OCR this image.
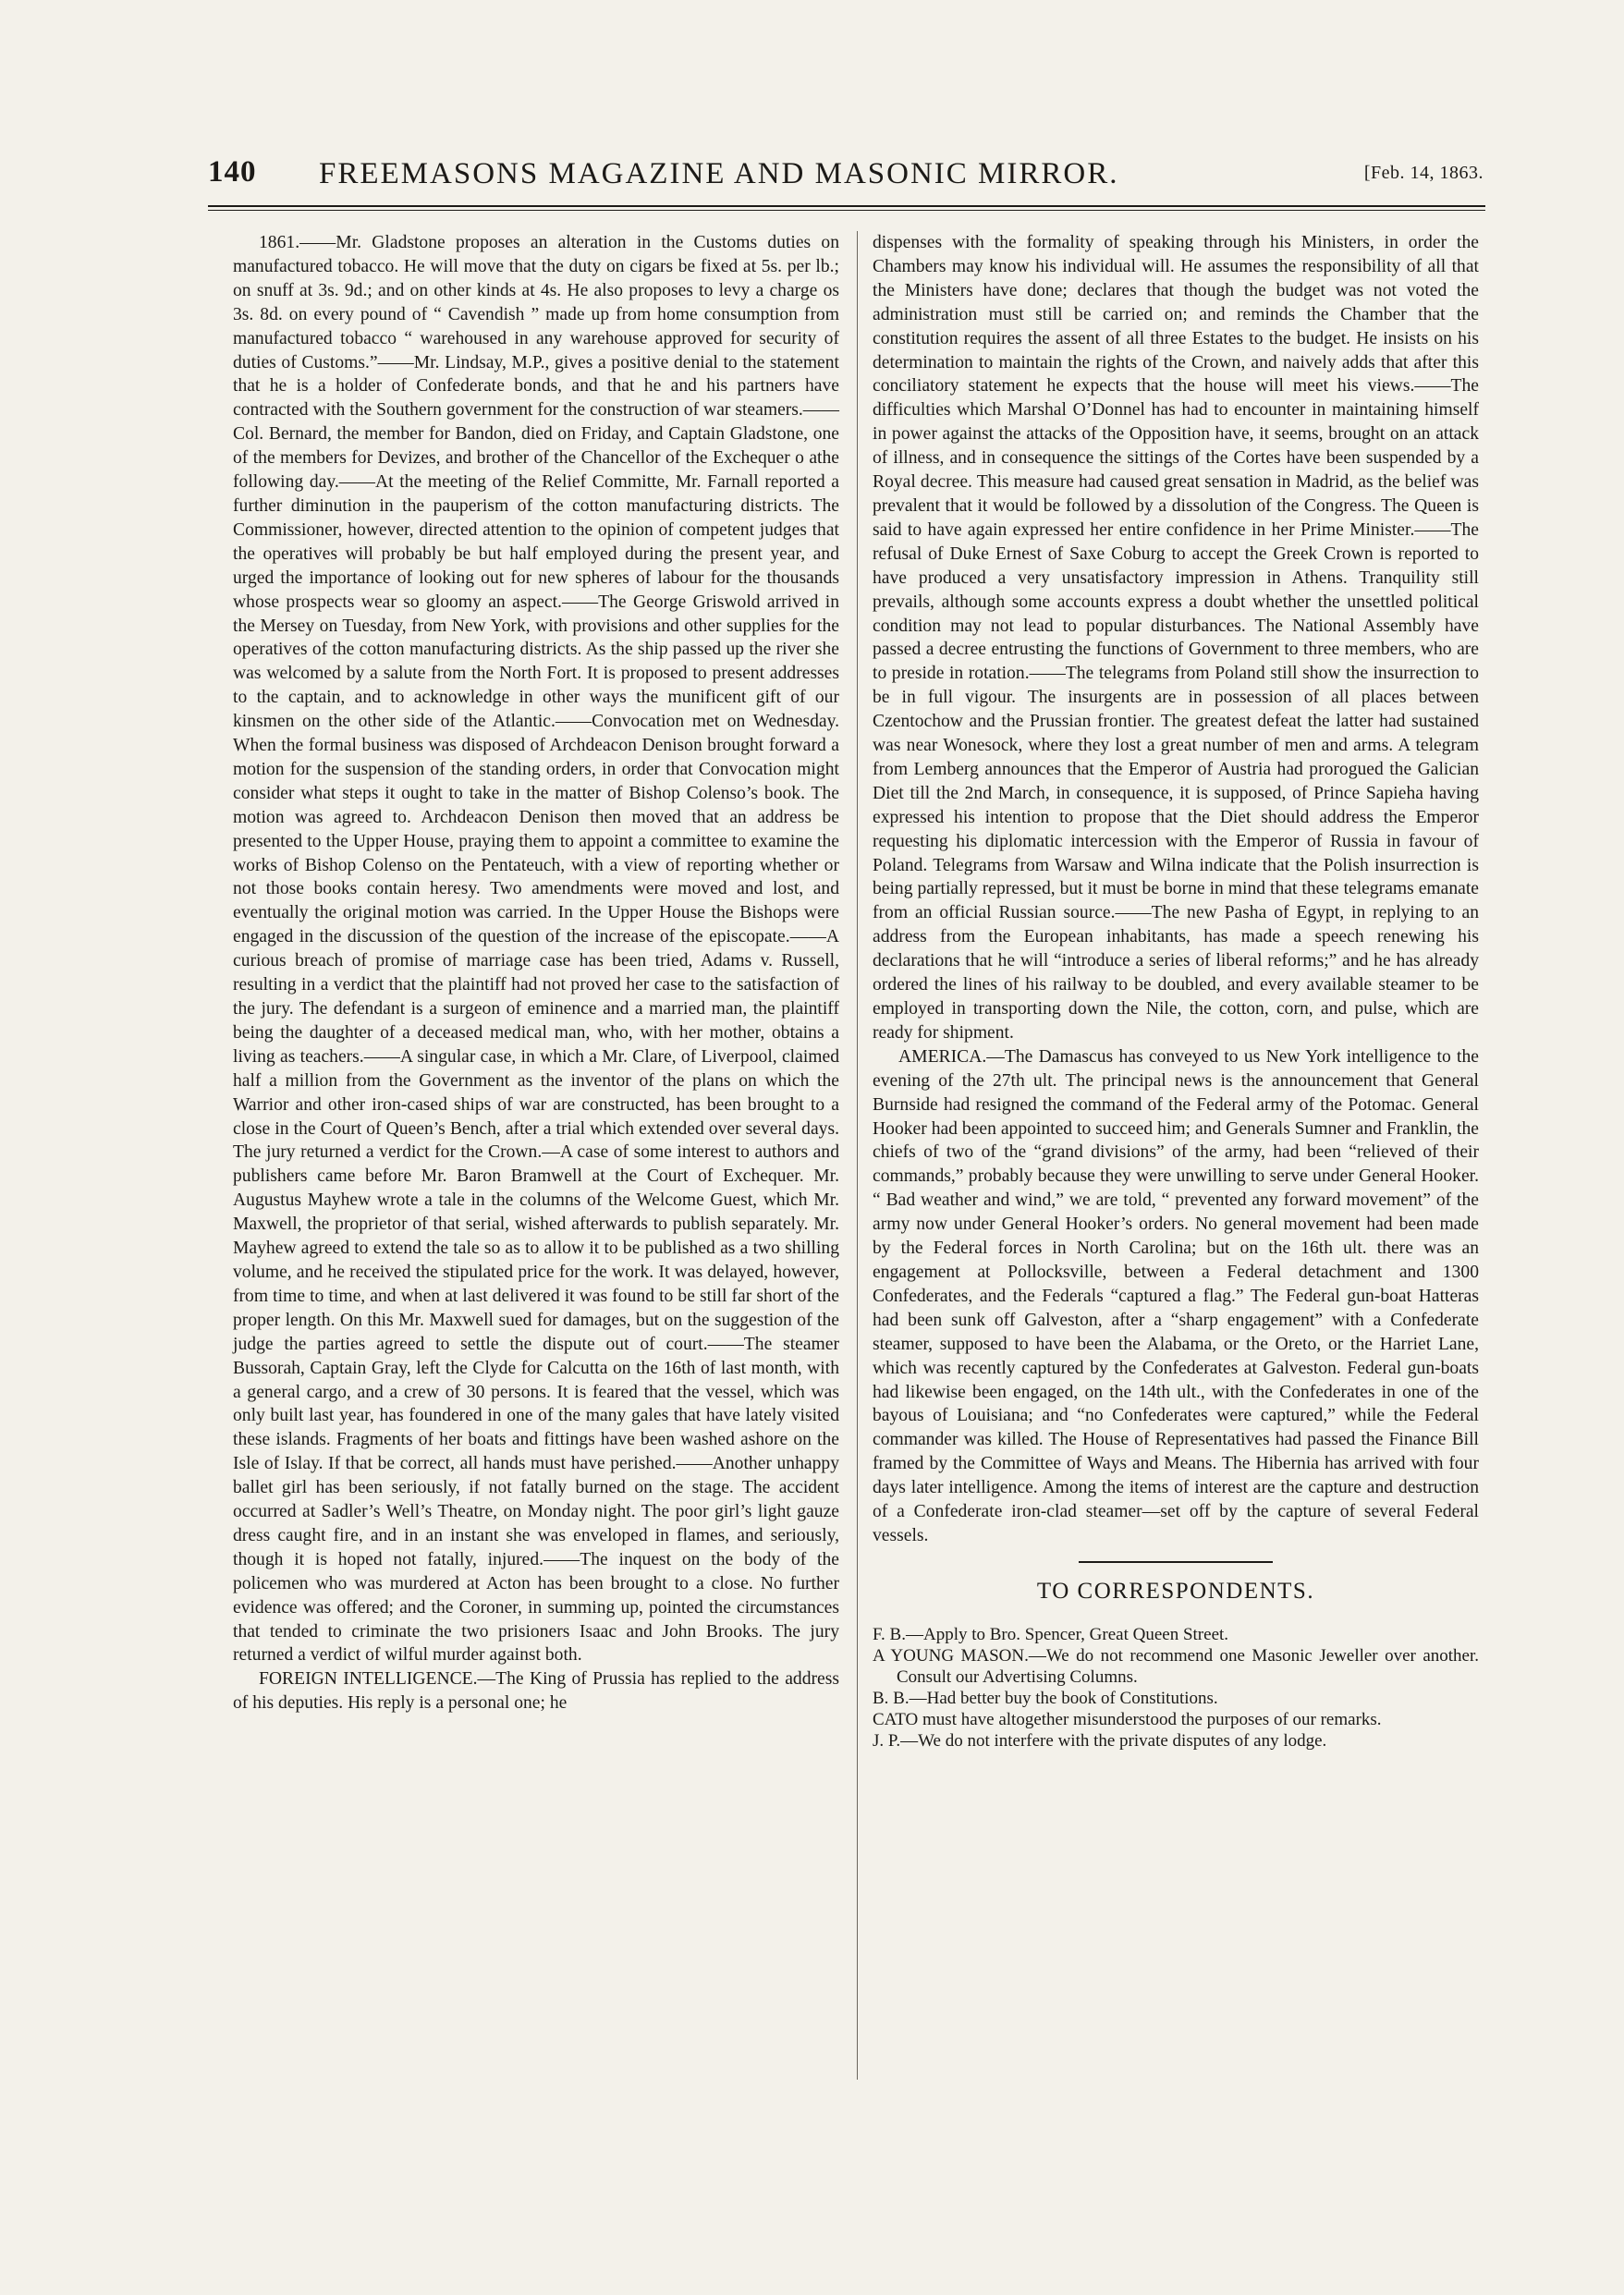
140 FREEMASONS MAGAZINE AND MASONIC MIRROR.	[Feb. 14, 1863.

1861.——Mr. Gladstone proposes an alteration in the Customs duties on manufactured tobacco. He will move that the duty on cigars be fixed at 5s. per lb.; on snuff at 3s. 9d.; and on other kinds at 4s. He also proposes to levy a charge os 3s. 8d. on every pound of “ Cavendish ” made up from home consumption from manufactured tobacco “ warehoused in any warehouse approved for security of duties of Customs.”——Mr. Lindsay, M.P., gives a positive denial to the statement that he is a holder of Confederate bonds, and that he and his partners have contracted with the Southern government for the construction of war steamers.——Col. Bernard, the member for Bandon, died on Friday, and Captain Gladstone, one of the members for Devizes, and brother of the Chancellor of the Exchequer o athe following day.——At the meeting of the Relief Committe, Mr. Farnall reported a further diminution in the pauperism of the cotton manufacturing districts. The Commissioner, however, directed attention to the opinion of competent judges that the operatives will probably be but half employed during the present year, and urged the importance of looking out for new spheres of labour for the thousands whose prospects wear so gloomy an aspect.——The George Griswold arrived in the Mersey on Tuesday, from New York, with provisions and other supplies for the operatives of the cotton manufacturing districts. As the ship passed up the river she was welcomed by a salute from the North Fort. It is proposed to present addresses to the captain, and to acknowledge in other ways the munificent gift of our kinsmen on the other side of the Atlantic.——Convocation met on Wednesday. When the formal business was disposed of Archdeacon Denison brought forward a motion for the suspension of the standing orders, in order that Convocation might consider what steps it ought to take in the matter of Bishop Colenso’s book. The motion was agreed to. Archdeacon Denison then moved that an address be presented to the Upper House, praying them to appoint a committee to examine the works of Bishop Colenso on the Pentateuch, with a view of reporting whether or not those books contain heresy. Two amendments were moved and lost, and eventually the original motion was carried. In the Upper House the Bishops were engaged in the discussion of the question of the increase of the episcopate.——A curious breach of promise of marriage case has been tried, Adams v. Russell, resulting in a verdict that the plaintiff had not proved her case to the satisfaction of the jury. The defendant is a surgeon of eminence and a married man, the plaintiff being the daughter of a deceased medical man, who, with her mother, obtains a living as teachers.——A singular case, in which a Mr. Clare, of Liverpool, claimed half a million from the Government as the inventor of the plans on which the Warrior and other iron-cased ships of war are constructed, has been brought to a close in the Court of Queen’s Bench, after a trial which extended over several days. The jury returned a verdict for the Crown.—A case of some interest to authors and publishers came before Mr. Baron Bramwell at the Court of Exchequer. Mr. Augustus Mayhew wrote a tale in the columns of the Welcome Guest, which Mr. Maxwell, the proprietor of that serial, wished afterwards to publish separately. Mr. Mayhew agreed to extend the tale so as to allow it to be published as a two shilling volume, and he received the stipulated price for the work. It was delayed, however, from time to time, and when at last delivered it was found to be still far short of the proper length. On this Mr. Maxwell sued for damages, but on the suggestion of the judge the parties agreed to settle the dispute out of court.——The steamer Bussorah, Captain Gray, left the Clyde for Calcutta on the 16th of last month, with a general cargo, and a crew of 30 persons. It is feared that the vessel, which was only built last year, has foundered in one of the many gales that have lately visited these islands. Fragments of her boats and fittings have been washed ashore on the Isle of Islay. If that be correct, all hands must have perished.——Another unhappy ballet girl has been seriously, if not fatally burned on the stage. The accident occurred at Sadler’s Well’s Theatre, on Monday night. The poor girl’s light gauze dress caught fire, and in an instant she was enveloped in flames, and seriously, though it is hoped not fatally, injured.——The inquest on the body of the policemen who was murdered at Acton has been brought to a close. No further evidence was offered; and the Coroner, in summing up, pointed the circumstances that tended to criminate the two prisioners Isaac and John Brooks. The jury returned a verdict of wilful murder against both.

FOREIGN INTELLIGENCE.—The King of Prussia has replied to the address of his deputies. His reply is a personal one; he

dispenses with the formality of speaking through his Ministers, in order the Chambers may know his individual will. He assumes the responsibility of all that the Ministers have done; declares that though the budget was not voted the administration must still be carried on; and reminds the Chamber that the constitution requires the assent of all three Estates to the budget. He insists on his determination to maintain the rights of the Crown, and naively adds that after this conciliatory statement he expects that the house will meet his views.——The difficulties which Marshal O’Donnel has had to encounter in maintaining himself in power against the attacks of the Opposition have, it seems, brought on an attack of illness, and in consequence the sittings of the Cortes have been suspended by a Royal decree. This measure had caused great sensation in Madrid, as the belief was prevalent that it would be followed by a dissolution of the Congress. The Queen is said to have again expressed her entire confidence in her Prime Minister.——The refusal of Duke Ernest of Saxe Coburg to accept the Greek Crown is reported to have produced a very unsatisfactory impression in Athens. Tranquility still prevails, although some accounts express a doubt whether the unsettled political condition may not lead to popular disturbances. The National Assembly have passed a decree entrusting the functions of Government to three members, who are to preside in rotation.——The telegrams from Poland still show the insurrection to be in full vigour. The insurgents are in possession of all places between Czentochow and the Prussian frontier. The greatest defeat the latter had sustained was near Wonesock, where they lost a great number of men and arms. A telegram from Lemberg announces that the Emperor of Austria had prorogued the Galician Diet till the 2nd March, in consequence, it is supposed, of Prince Sapieha having expressed his intention to propose that the Diet should address the Emperor requesting his diplomatic intercession with the Emperor of Russia in favour of Poland. Telegrams from Warsaw and Wilna indicate that the Polish insurrection is being partially repressed, but it must be borne in mind that these telegrams emanate from an official Russian source.——The new Pasha of Egypt, in replying to an address from the European inhabitants, has made a speech renewing his declarations that he will “introduce a series of liberal reforms;” and he has already ordered the lines of his railway to be doubled, and every available steamer to be employed in transporting down the Nile, the cotton, corn, and pulse, which are ready for shipment.

AMERICA.—The Damascus has conveyed to us New York intelligence to the evening of the 27th ult. The principal news is the announcement that General Burnside had resigned the command of the Federal army of the Potomac. General Hooker had been appointed to succeed him; and Generals Sumner and Franklin, the chiefs of two of the “grand divisions” of the army, had been “relieved of their commands,” probably because they were unwilling to serve under General Hooker. “ Bad weather and wind,” we are told, “ prevented any forward movement” of the army now under General Hooker’s orders. No general movement had been made by the Federal forces in North Carolina; but on the 16th ult. there was an engagement at Pollocksville, between a Federal detachment and 1300 Confederates, and the Federals “captured a flag.” The Federal gun-boat Hatteras had been sunk off Galveston, after a “sharp engagement” with a Confederate steamer, supposed to have been the Alabama, or the Oreto, or the Harriet Lane, which was recently captured by the Confederates at Galveston. Federal gun-boats had likewise been engaged, on the 14th ult., with the Confederates in one of the bayous of Louisiana; and “no Confederates were captured,” while the Federal commander was killed. The House of Representatives had passed the Finance Bill framed by the Committee of Ways and Means. The Hibernia has arrived with four days later intelligence. Among the items of interest are the capture and destruction of a Confederate iron-clad steamer—set off by the capture of several Federal vessels.

TO CORRESPONDENTS.
F. B.—Apply to Bro. Spencer, Great Queen Street.
A YOUNG MASON.—We do not recommend one Masonic Jeweller over another. Consult our Advertising Columns.
B. B.—Had better buy the book of Constitutions.
CATO must have altogether misunderstood the purposes of our remarks.
J. P.—We do not interfere with the private disputes of any lodge.
